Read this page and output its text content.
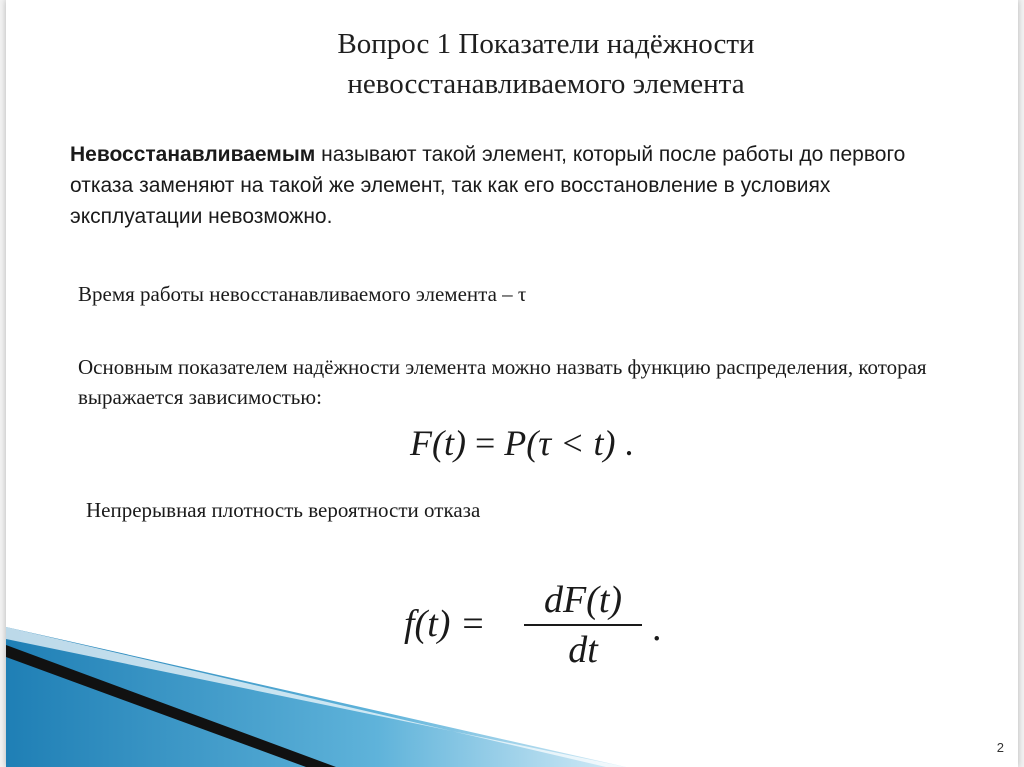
Вопрос 1 Показатели надёжности
невосстанавливаемого элемента
Невосстанавливаемым называют такой элемент, который после работы до первого отказа заменяют на такой же элемент, так как его восстановление в условиях эксплуатации невозможно.
Время работы невосстанавливаемого элемента – τ
Основным показателем надёжности элемента можно назвать функцию распределения, которая выражается зависимостью:
F(t) = P(τ < t) .
Непрерывная плотность вероятности отказа
f(t) =
dF(t)
dt
.
2
